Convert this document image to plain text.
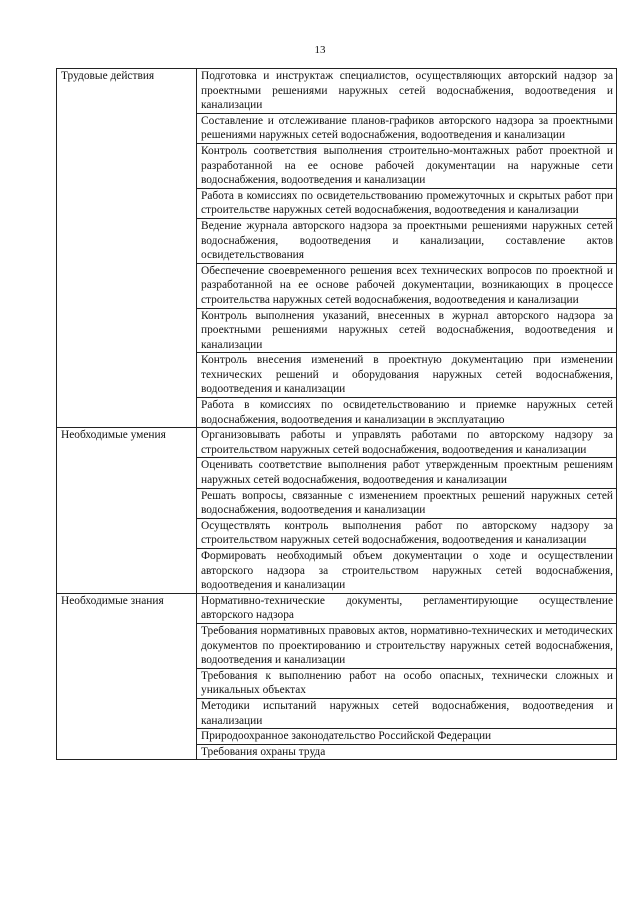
13
Трудовые действия	Подготовка и инструктаж специалистов, осуществляющих авторский надзор за проектными решениями наружных сетей водоснабжения, водоотведения и канализации
	Составление и отслеживание планов-графиков авторского надзора за проектными решениями наружных сетей водоснабжения, водоотведения и канализации
	Контроль соответствия выполнения строительно-монтажных работ проектной и разработанной на ее основе рабочей документации на наружные сети водоснабжения, водоотведения и канализации
	Работа в комиссиях по освидетельствованию промежуточных и скрытых работ при строительстве наружных сетей водоснабжения, водоотведения и канализации
	Ведение журнала авторского надзора за проектными решениями наружных сетей водоснабжения, водоотведения и канализации, составление актов освидетельствования
	Обеспечение своевременного решения всех технических вопросов по проектной и разработанной на ее основе рабочей документации, возникающих в процессе строительства наружных сетей водоснабжения, водоотведения и канализации
	Контроль выполнения указаний, внесенных в журнал авторского надзора за проектными решениями наружных сетей водоснабжения, водоотведения и канализации
	Контроль внесения изменений в проектную документацию при изменении технических решений и оборудования наружных сетей водоснабжения, водоотведения и канализации
	Работа в комиссиях по освидетельствованию и приемке наружных сетей водоснабжения, водоотведения и канализации в эксплуатацию
Необходимые умения	Организовывать работы и управлять работами по авторскому надзору за строительством наружных сетей водоснабжения, водоотведения и канализации
	Оценивать соответствие выполнения работ утвержденным проектным решениям наружных сетей водоснабжения, водоотведения и канализации
	Решать вопросы, связанные с изменением проектных решений наружных сетей водоснабжения, водоотведения и канализации
	Осуществлять контроль выполнения работ по авторскому надзору за строительством наружных сетей водоснабжения, водоотведения и канализации
	Формировать необходимый объем документации о ходе и осуществлении авторского надзора за строительством наружных сетей водоснабжения, водоотведения и канализации
Необходимые знания	Нормативно-технические документы, регламентирующие осуществление авторского надзора
	Требования нормативных правовых актов, нормативно-технических и методических документов по проектированию и строительству наружных сетей водоснабжения, водоотведения и канализации
	Требования к выполнению работ на особо опасных, технически сложных и уникальных объектах
	Методики испытаний наружных сетей водоснабжения, водоотведения и канализации
	Природоохранное законодательство Российской Федерации
	Требования охраны труда
